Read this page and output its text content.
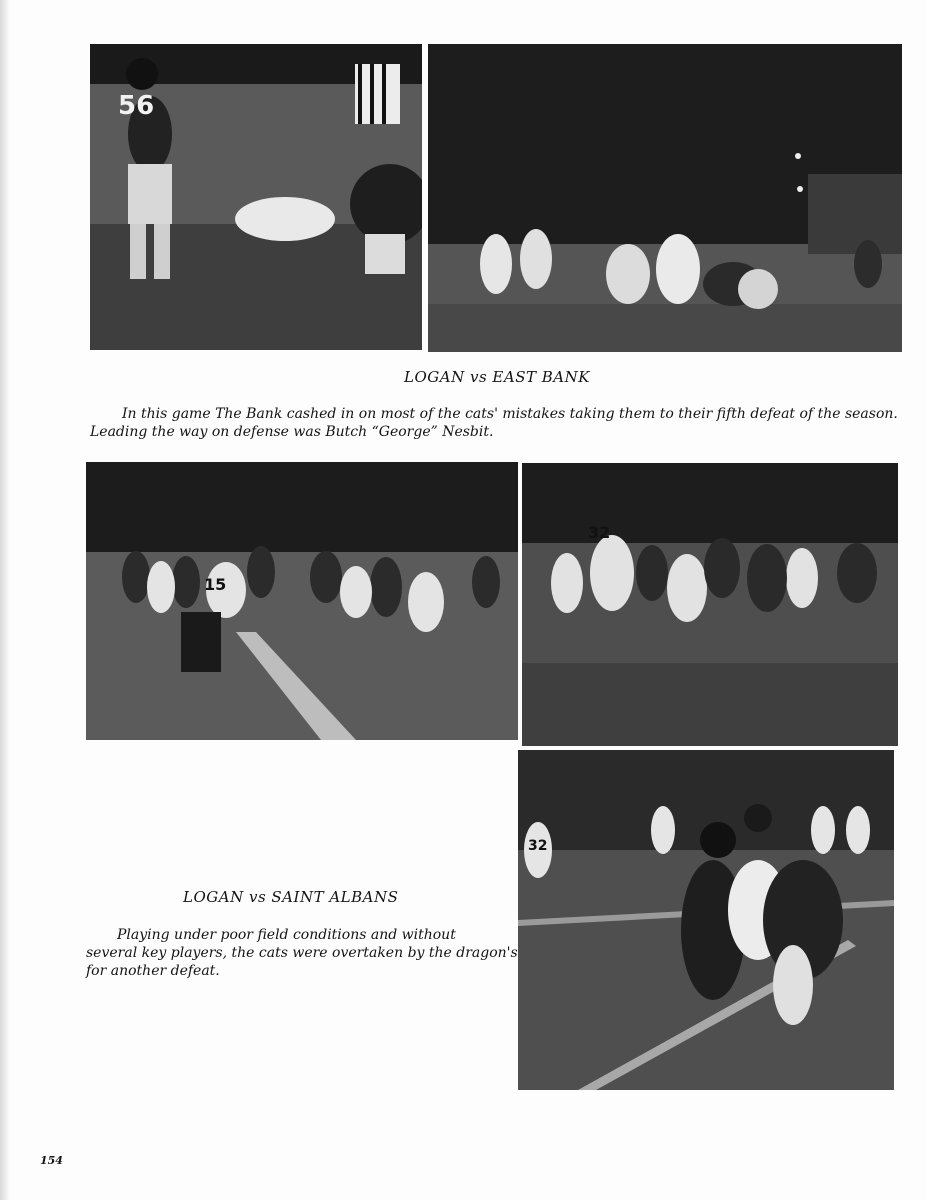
56
LOGAN vs EAST BANK
In this game The Bank cashed in on most of the cats' mistakes taking them to their fifth defeat of the season.
Leading the way on defense was Butch “George” Nesbit.
15
32
LOGAN vs SAINT ALBANS
Playing under poor field conditions and without
several key players, the cats were overtaken by the dragon's
for another defeat.
32
154
